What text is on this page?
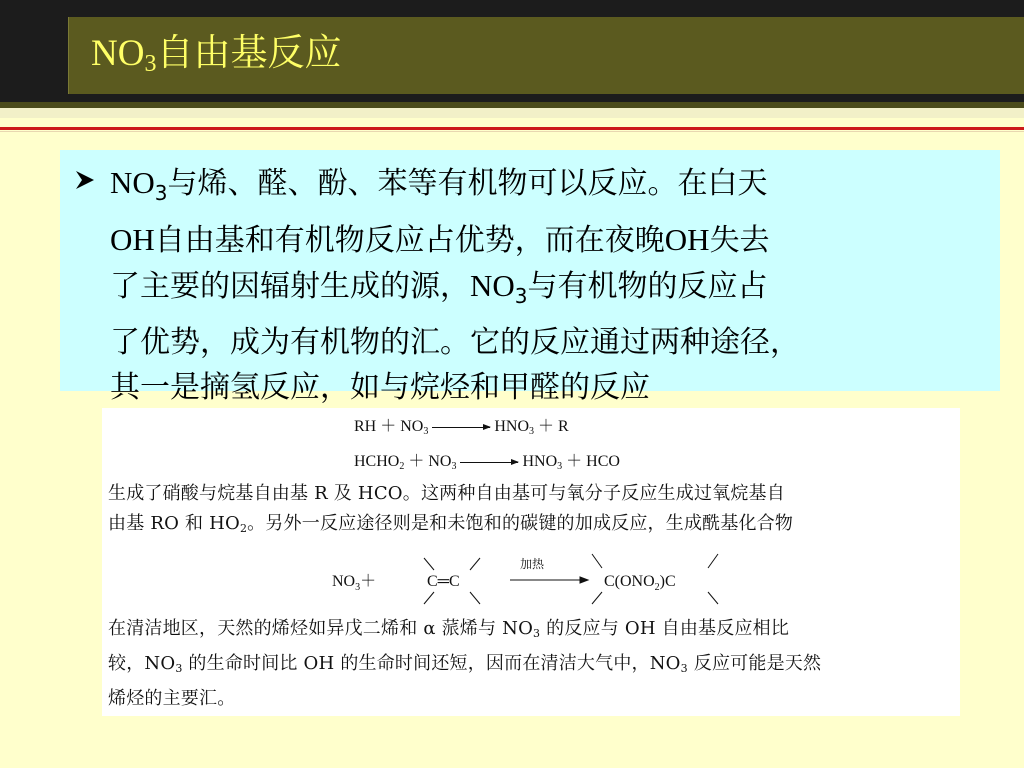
$NO_3$自由基反应
$NO_3$与烯、醛、酚、苯等有机物可以反应。在白天
OH自由基和有机物反应占优势，而在夜晚OH失去
了主要的因辐射生成的源，$NO_3$与有机物的反应占
了优势，成为有机物的汇。它的反应通过两种途径，
其一是摘氢反应，如与烷烃和甲醛的反应
RH ＋ $NO_3 \to HNO_3 + R$
$HCHO_2 + NO_3 \to HNO_3$ ＋ HCO
生成了硝酸与烷基自由基 R 及 HCO。这两种自由基可与氧分子反应生成过氧烷基自
由基 RO 和 $HO_2$。另外一反应途径则是和未饱和的碳键的加成反应，生成酰基化合物
$NO_3+$	C═C
加热
$C(ONO_2)C$
在清洁地区，天然的烯烃如异戊二烯和 α 蒎烯与 $NO_3$ 的反应与 OH 自由基反应相比
较，$NO_3$ 的生命时间比 OH 的生命时间还短，因而在清洁大气中，$NO_3$ 反应可能是天然
烯烃的主要汇。
